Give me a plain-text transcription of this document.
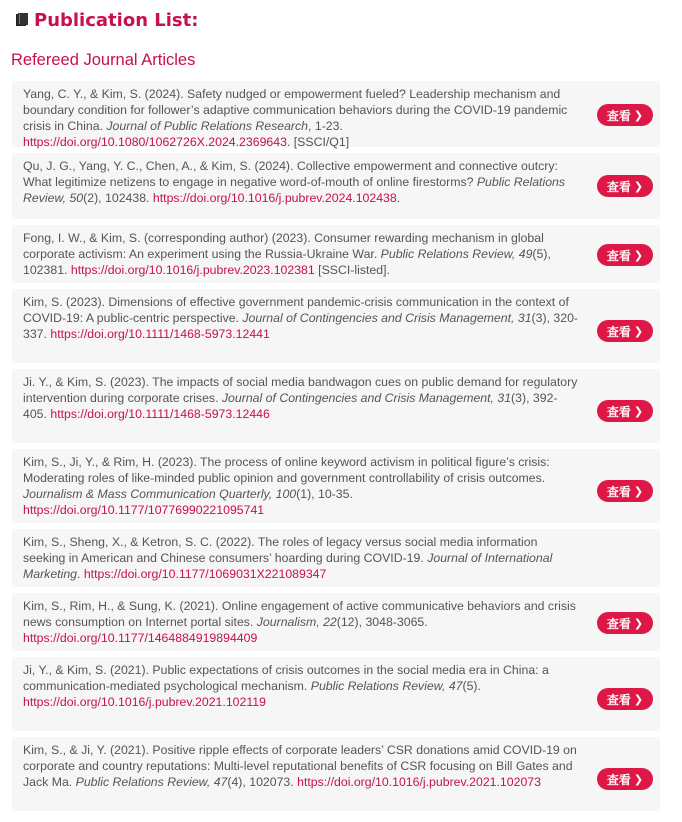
Publication List:
Refereed Journal Articles
Yang, C. Y., & Kim, S. (2024). Safety nudged or empowerment fueled? Leadership mechanism and boundary condition for follower’s adaptive communication behaviors during the COVID-19 pandemic crisis in China. Journal of Public Relations Research, 1-23. https://doi.org/10.1080/1062726X.2024.2369643. [SSCI/Q1]
查看 ❯
Qu, J. G., Yang, Y. C., Chen, A., & Kim, S. (2024). Collective empowerment and connective outcry: What legitimize netizens to engage in negative word-of-mouth of online firestorms? Public Relations Review, 50(2), 102438. https://doi.org/10.1016/j.pubrev.2024.102438.
查看 ❯
Fong, I. W., & Kim, S. (corresponding author) (2023). Consumer rewarding mechanism in global corporate activism: An experiment using the Russia-Ukraine War. Public Relations Review, 49(5), 102381. https://doi.org/10.1016/j.pubrev.2023.102381 [SSCI-listed].
查看 ❯
Kim, S. (2023). Dimensions of effective government pandemic-crisis communication in the context of COVID-19: A public-centric perspective. Journal of Contingencies and Crisis Management, 31(3), 320-337. https://doi.org/10.1111/1468-5973.12441	查看 ❯
Ji. Y., & Kim, S. (2023). The impacts of social media bandwagon cues on public demand for regulatory intervention during corporate crises. Journal of Contingencies and Crisis Management, 31(3), 392-405. https://doi.org/10.1111/1468-5973.12446	查看 ❯
Kim, S., Ji, Y., & Rim, H. (2023). The process of online keyword activism in political figure’s crisis: Moderating roles of like-minded public opinion and government controllability of crisis outcomes. Journalism & Mass Communication Quarterly, 100(1), 10-35. https://doi.org/10.1177/10776990221095741
查看 ❯
Kim, S., Sheng, X., & Ketron, S. C. (2022). The roles of legacy versus social media information seeking in American and Chinese consumers’ hoarding during COVID-19. Journal of International Marketing. https://doi.org/10.1177/1069031X221089347
Kim, S., Rim, H., & Sung, K. (2021). Online engagement of active communicative behaviors and crisis news consumption on Internet portal sites. Journalism, 22(12), 3048-3065. https://doi.org/10.1177/1464884919894409
查看 ❯
Ji, Y., & Kim, S. (2021). Public expectations of crisis outcomes in the social media era in China: a communication-mediated psychological mechanism. Public Relations Review, 47(5). https://doi.org/10.1016/j.pubrev.2021.102119	查看 ❯
Kim, S., & Ji, Y. (2021). Positive ripple effects of corporate leaders’ CSR donations amid COVID-19 on corporate and country reputations: Multi-level reputational benefits of CSR focusing on Bill Gates and Jack Ma. Public Relations Review, 47(4), 102073. https://doi.org/10.1016/j.pubrev.2021.102073	查看 ❯
